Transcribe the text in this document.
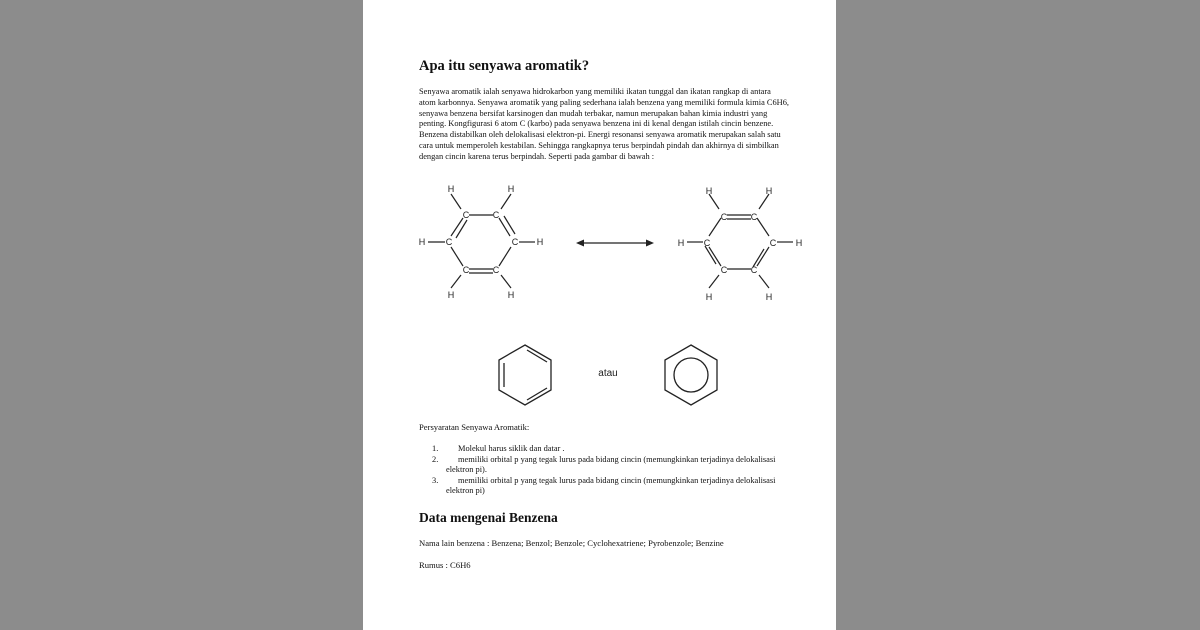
Apa itu senyawa aromatik?

Senyawa aromatik ialah senyawa hidrokarbon yang memiliki ikatan tunggal dan ikatan rangkap di antara atom karbonnya. Senyawa aromatik yang paling sederhana ialah benzena yang memiliki formula kimia C6H6, senyawa benzena bersifat karsinogen dan mudah terbakar, namun merupakan bahan kimia industri yang penting. Kongfigurasi 6 atom C (karbo) pada senyawa benzena ini di kenal dengan istilah cincin benzene. Benzena distabilkan oleh delokalisasi elektron-pi. Energi resonansi senyawa aromatik merupakan salah satu cara untuk memperoleh kestabilan. Sehingga rangkapnya terus berpindah pindah dan akhirnya di simbilkan dengan cincin karena terus berpindah. Seperti pada gambar di bawah :

H	H
C	C
H C	C H
C	C
H	H
H	H
C	C
H C	C H
C	C
H	H
atau
Persyaratan Senyawa Aromatik:
1.	Molekul harus siklik dan datar .
2.	memiliki orbital p yang tegak lurus pada bidang cincin (memungkinkan terjadinya delokalisasi elektron pi).
3.	memiliki orbital p yang tegak lurus pada bidang cincin (memungkinkan terjadinya delokalisasi elektron pi)
Data mengenai Benzena
Nama lain benzena : Benzena; Benzol; Benzole; Cyclohexatriene; Pyrobenzole; Benzine
Rumus : C6H6
